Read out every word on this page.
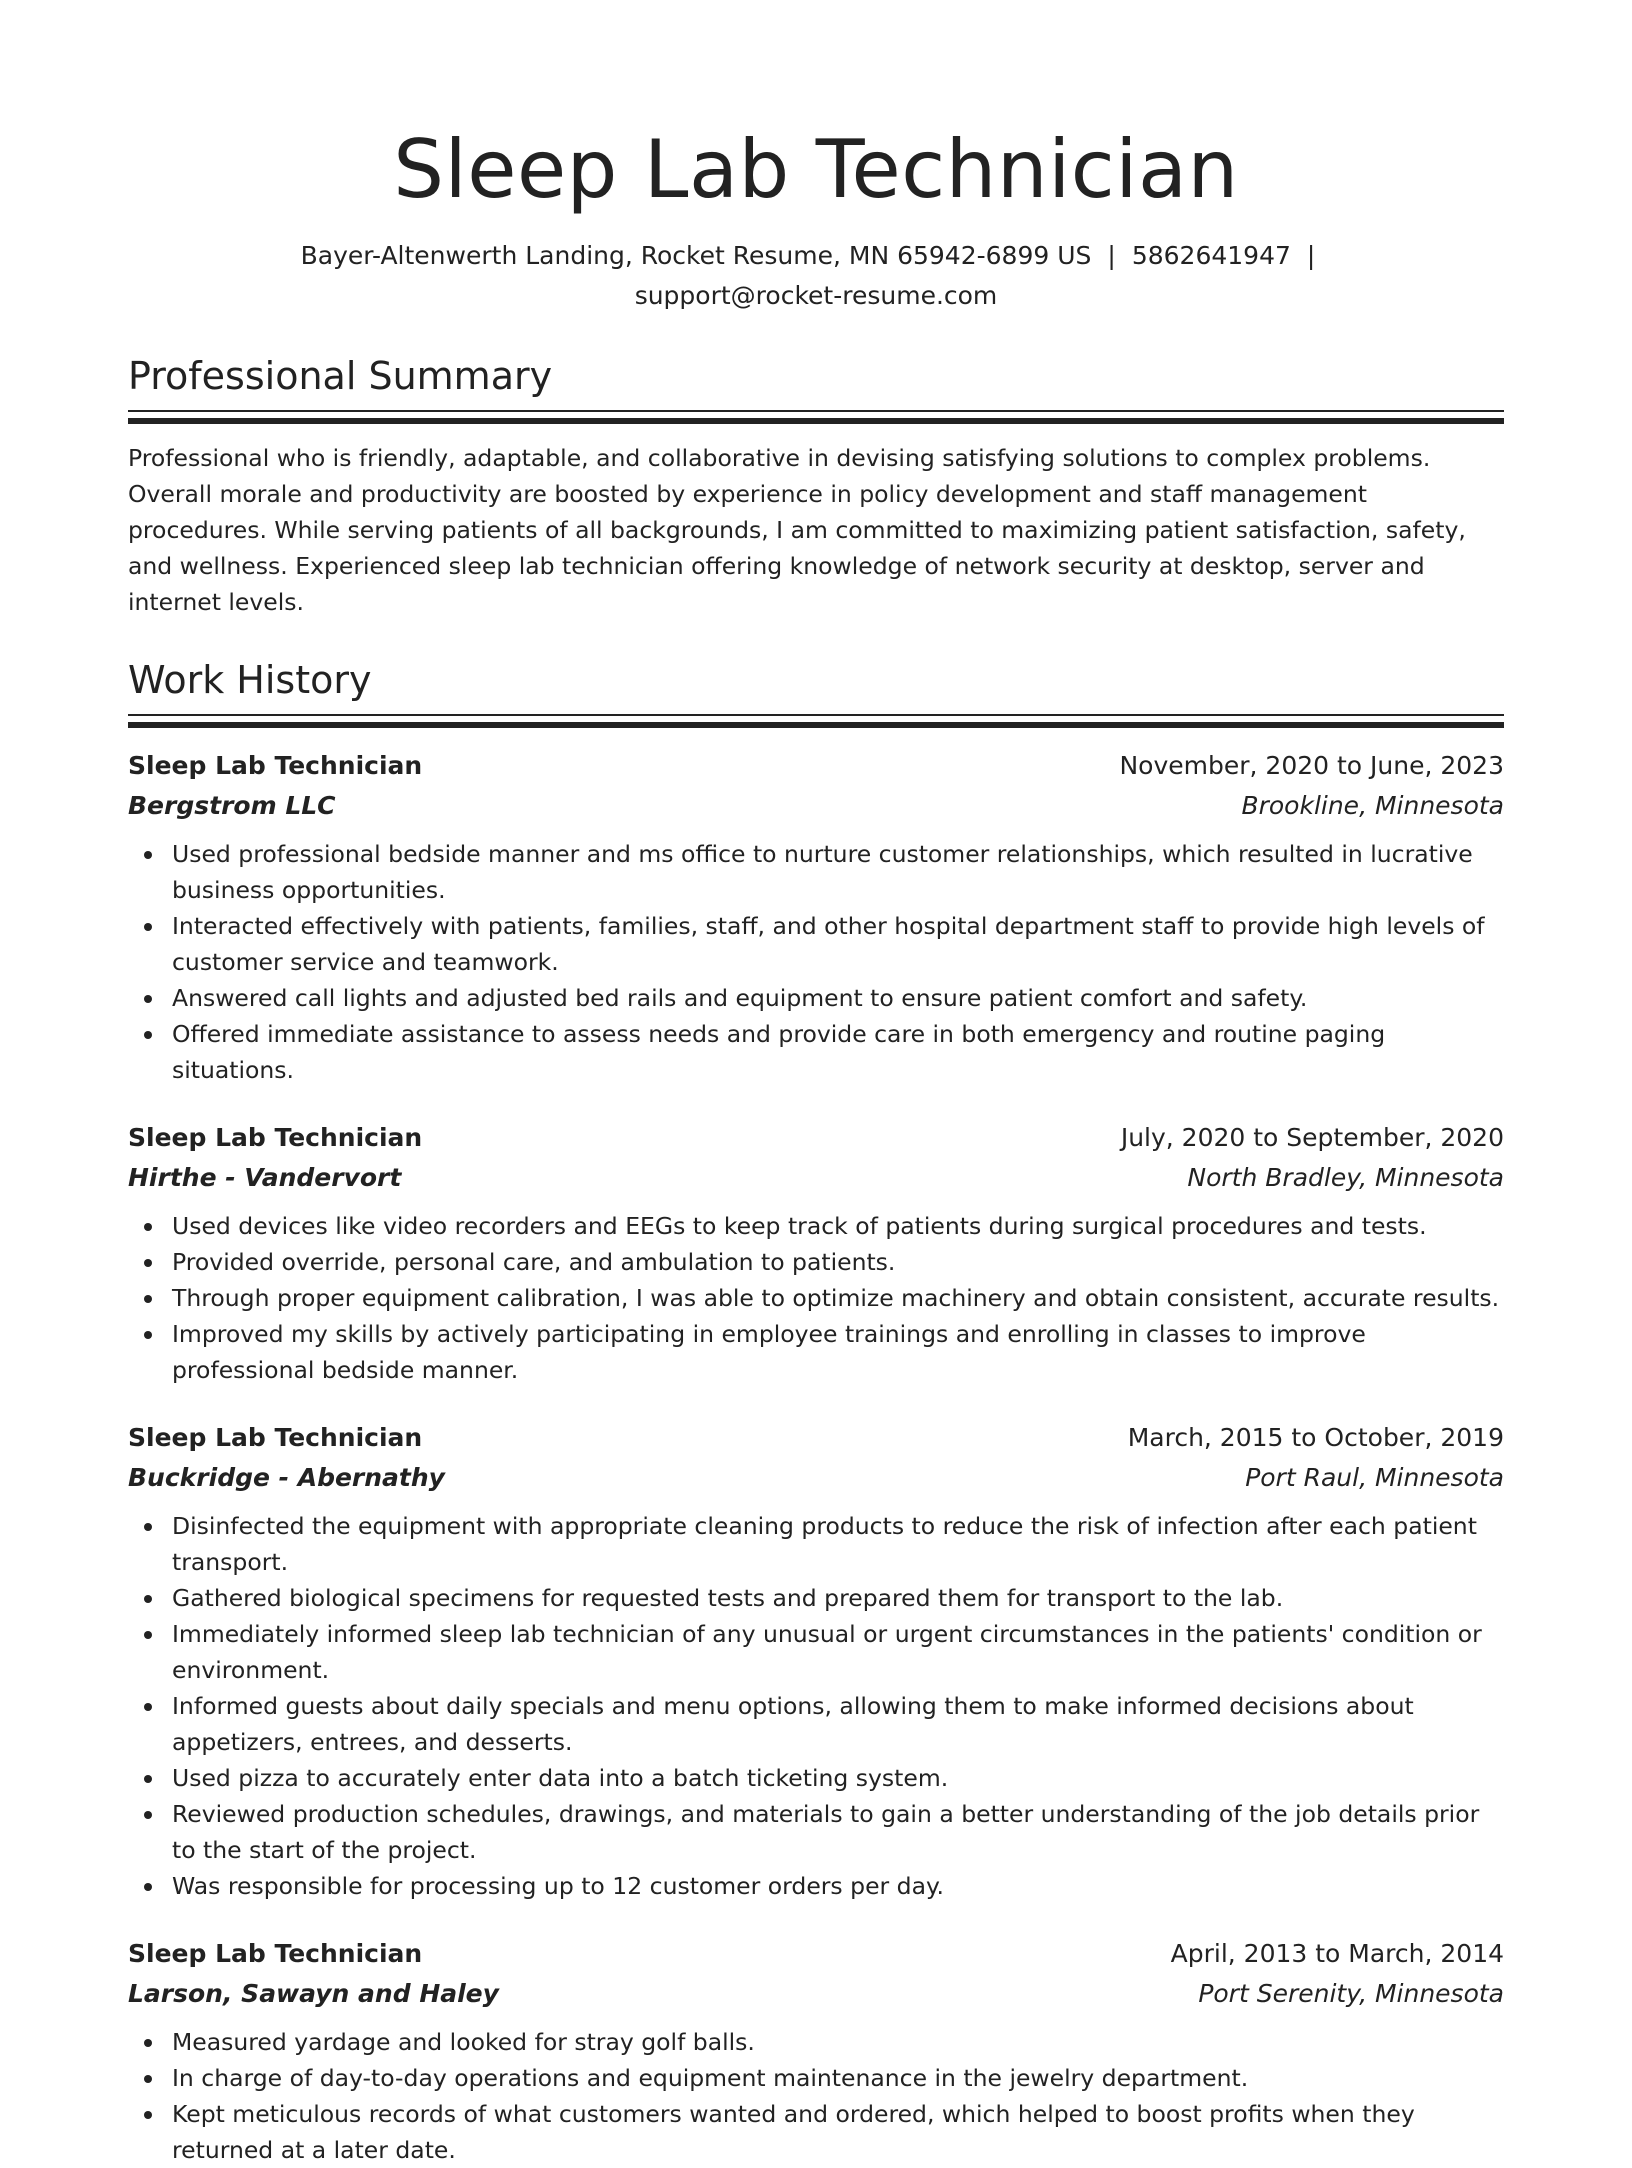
Sleep Lab Technician
Bayer-Altenwerth Landing, Rocket Resume, MN 65942-6899 US | 5862641947 |
support@rocket-resume.com
Professional Summary

Professional who is friendly, adaptable, and collaborative in devising satisfying solutions to complex problems. Overall morale and productivity are boosted by experience in policy development and staff management procedures. While serving patients of all backgrounds, I am committed to maximizing patient satisfaction, safety, and wellness. Experienced sleep lab technician offering knowledge of network security at desktop, server and internet levels.

Work History
Sleep Lab Technician	November, 2020 to June, 2023
Bergstrom LLC	Brookline, Minnesota
Used professional bedside manner and ms office to nurture customer relationships, which resulted in lucrative business opportunities.
Interacted effectively with patients, families, staff, and other hospital department staff to provide high levels of customer service and teamwork.
Answered call lights and adjusted bed rails and equipment to ensure patient comfort and safety.
Offered immediate assistance to assess needs and provide care in both emergency and routine paging situations.
Sleep Lab Technician	July, 2020 to September, 2020
Hirthe - Vandervort	North Bradley, Minnesota
Used devices like video recorders and EEGs to keep track of patients during surgical procedures and tests.
Provided override, personal care, and ambulation to patients.
Through proper equipment calibration, I was able to optimize machinery and obtain consistent, accurate results.
Improved my skills by actively participating in employee trainings and enrolling in classes to improve professional bedside manner.
Sleep Lab Technician	March, 2015 to October, 2019
Buckridge - Abernathy	Port Raul, Minnesota
Disinfected the equipment with appropriate cleaning products to reduce the risk of infection after each patient transport.
Gathered biological specimens for requested tests and prepared them for transport to the lab.
Immediately informed sleep lab technician of any unusual or urgent circumstances in the patients' condition or environment.
Informed guests about daily specials and menu options, allowing them to make informed decisions about appetizers, entrees, and desserts.
Used pizza to accurately enter data into a batch ticketing system.
Reviewed production schedules, drawings, and materials to gain a better understanding of the job details prior to the start of the project.
Was responsible for processing up to 12 customer orders per day.
Sleep Lab Technician	April, 2013 to March, 2014
Larson, Sawayn and Haley	Port Serenity, Minnesota
Measured yardage and looked for stray golf balls.
In charge of day-to-day operations and equipment maintenance in the jewelry department.
Kept meticulous records of what customers wanted and ordered, which helped to boost profits when they returned at a later date.
